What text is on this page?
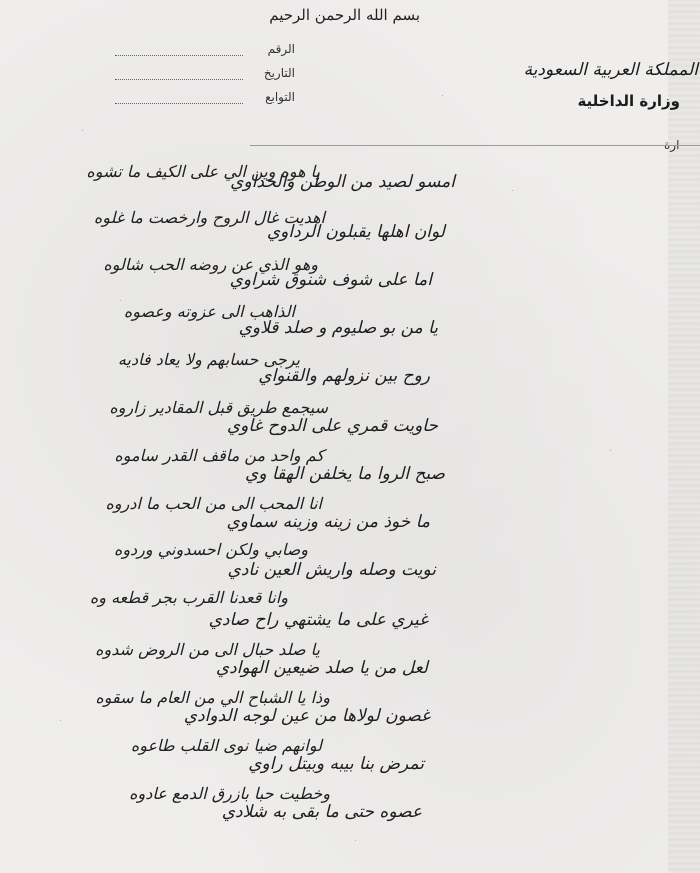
بسم الله الرحمن الرحيم
الرقم
التاريخ
التوابع
المملكة العربية السعودية
وزارة الداخلية
ارة
امسو لصيد من الوطن والحداوي
لوان اهلها يقبلون الرداوي
اما على شوف شنوق شراوي
يا من بو صليوم و صلد قلاوي
روح بين نزولهم والقنواي
حاويت قمري على الدوح غاوي
صبح الروا ما يخلفن الهقا وي
ما خوذ من زينه وزينه سماوي
نويت وصله واريش العين نادي
غيري على ما يشتهي راح صادي
لعل من يا صلد ضيعين الهوادي
غصون لولاها من عين لوجه الدوادي
تمرض بنا بيبه وبيتل راوي
عصوه حتى ما بقى به شلادي
يا هوه وين الي على الكيف ما تشوه
اهديت غال الروح وارخصت ما غلوه
وهو الذي عن روضه الحب شالوه
الذاهب الى عزوته وعصوه
يرجى حسابهم ولا يعاد فاديه
سيجمع طريق قبل المقادير زاروه
كم واحد من ماقف القدر ساموه
انا المحب الى من الحب ما ادروه
وصابي ولكن احسدوني وردوه
وانا قعدنا القرب بجر قطعه وه
يا صلد حبال الى من الروض شدوه
وذا يا الشباح الي من العام ما سقوه
لوانهم ضيا نوى القلب طاعوه
وخطيت حبا بازرق الدمع عادوه
